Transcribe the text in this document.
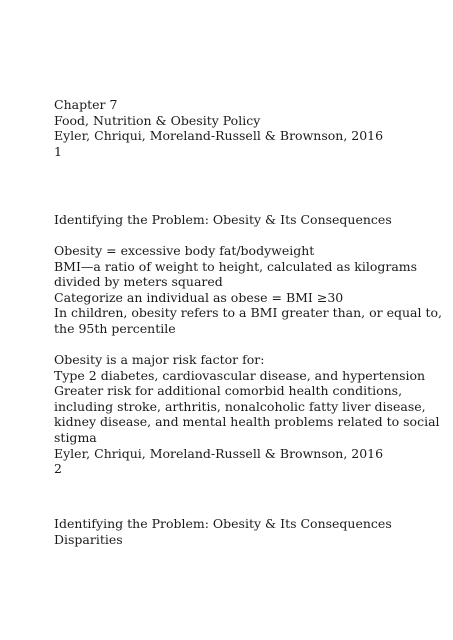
Chapter 7
Food, Nutrition & Obesity Policy
Eyler, Chriqui, Moreland-Russell & Brownson, 2016
1
Identifying the Problem: Obesity & Its Consequences
Obesity = excessive body fat/bodyweight
BMI—a ratio of weight to height, calculated as kilograms
divided by meters squared
Categorize an individual as obese = BMI ≥30
In children, obesity refers to a BMI greater than, or equal to,
the 95th percentile
Obesity is a major risk factor for:
Type 2 diabetes, cardiovascular disease, and hypertension
Greater risk for additional comorbid health conditions,
including stroke, arthritis, nonalcoholic fatty liver disease,
kidney disease, and mental health problems related to social
stigma
Eyler, Chriqui, Moreland-Russell & Brownson, 2016
2
Identifying the Problem: Obesity & Its Consequences
Disparities
